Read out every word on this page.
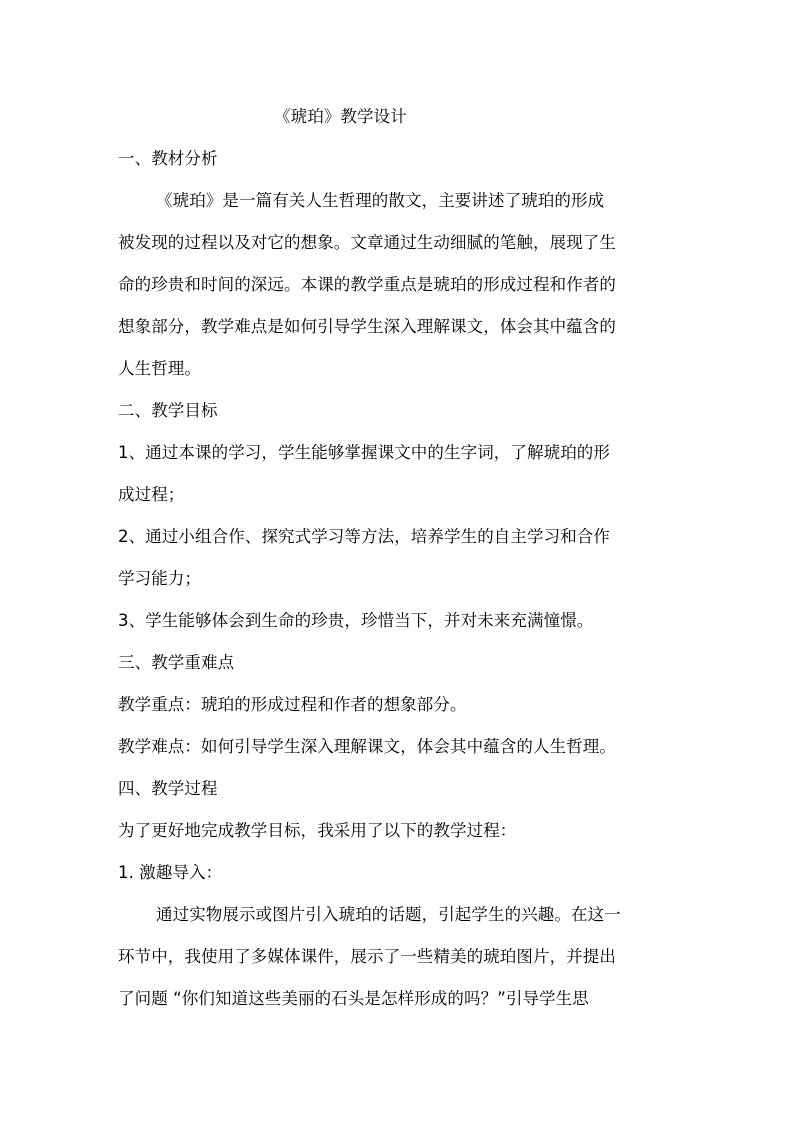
《琥珀》教学设计
一、教材分析
《琥珀》是一篇有关人生哲理的散文，主要讲述了琥珀的形成
被发现的过程以及对它的想象。文章通过生动细腻的笔触，展现了生
命的珍贵和时间的深远。本课的教学重点是琥珀的形成过程和作者的
想象部分，教学难点是如何引导学生深入理解课文，体会其中蕴含的
人生哲理。
二、教学目标
1、通过本课的学习，学生能够掌握课文中的生字词，了解琥珀的形
成过程；
2、通过小组合作、探究式学习等方法，培养学生的自主学习和合作
学习能力；
3、学生能够体会到生命的珍贵，珍惜当下，并对未来充满憧憬。
三、教学重难点
教学重点：琥珀的形成过程和作者的想象部分。
教学难点：如何引导学生深入理解课文，体会其中蕴含的人生哲理。
四、教学过程
为了更好地完成教学目标，我采用了以下的教学过程：
1. 激趣导入：
通过实物展示或图片引入琥珀的话题，引起学生的兴趣。在这一
环节中，我使用了多媒体课件，展示了一些精美的琥珀图片，并提出
了问题 “你们知道这些美丽的石头是怎样形成的吗？”引导学生思
